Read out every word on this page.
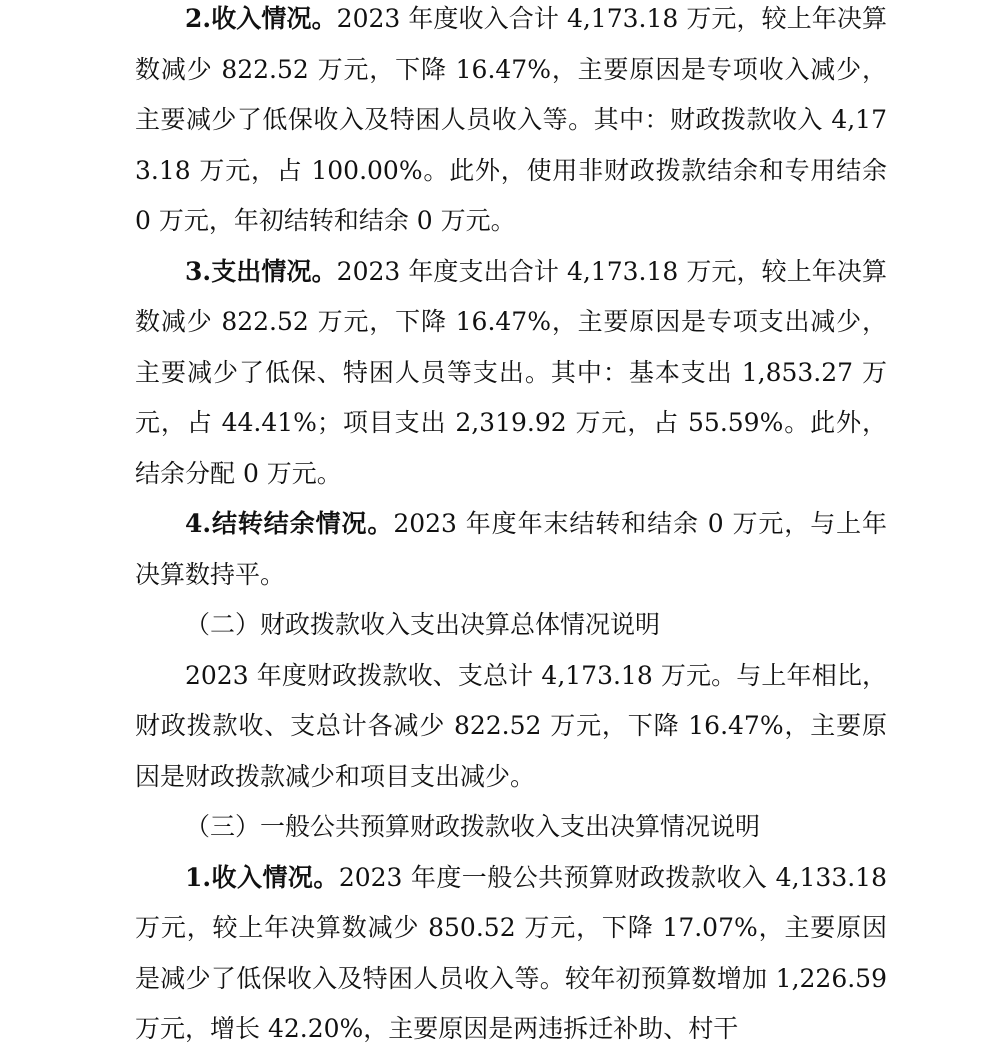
2.收入情况。2023 年度收入合计 4,173.18 万元，较上年决算数减少 822.52 万元，下降 16.47%，主要原因是专项收入减少，主要减少了低保收入及特困人员收入等。其中：财政拨款收入 4,173.18 万元，占 100.00%。此外，使用非财政拨款结余和专用结余 0 万元，年初结转和结余 0 万元。

3.支出情况。2023 年度支出合计 4,173.18 万元，较上年决算数减少 822.52 万元，下降 16.47%，主要原因是专项支出减少，主要减少了低保、特困人员等支出。其中：基本支出 1,853.27 万元，占 44.41%；项目支出 2,319.92 万元，占 55.59%。此外，结余分配 0 万元。

4.结转结余情况。2023 年度年末结转和结余 0 万元，与上年决算数持平。

（二）财政拨款收入支出决算总体情况说明

2023 年度财政拨款收、支总计 4,173.18 万元。与上年相比，财政拨款收、支总计各减少 822.52 万元，下降 16.47%，主要原因是财政拨款减少和项目支出减少。

（三）一般公共预算财政拨款收入支出决算情况说明

1.收入情况。2023 年度一般公共预算财政拨款收入 4,133.18 万元，较上年决算数减少 850.52 万元，下降 17.07%，主要原因是减少了低保收入及特困人员收入等。较年初预算数增加 1,226.59 万元，增长 42.20%，主要原因是两违拆迁补助、村干
